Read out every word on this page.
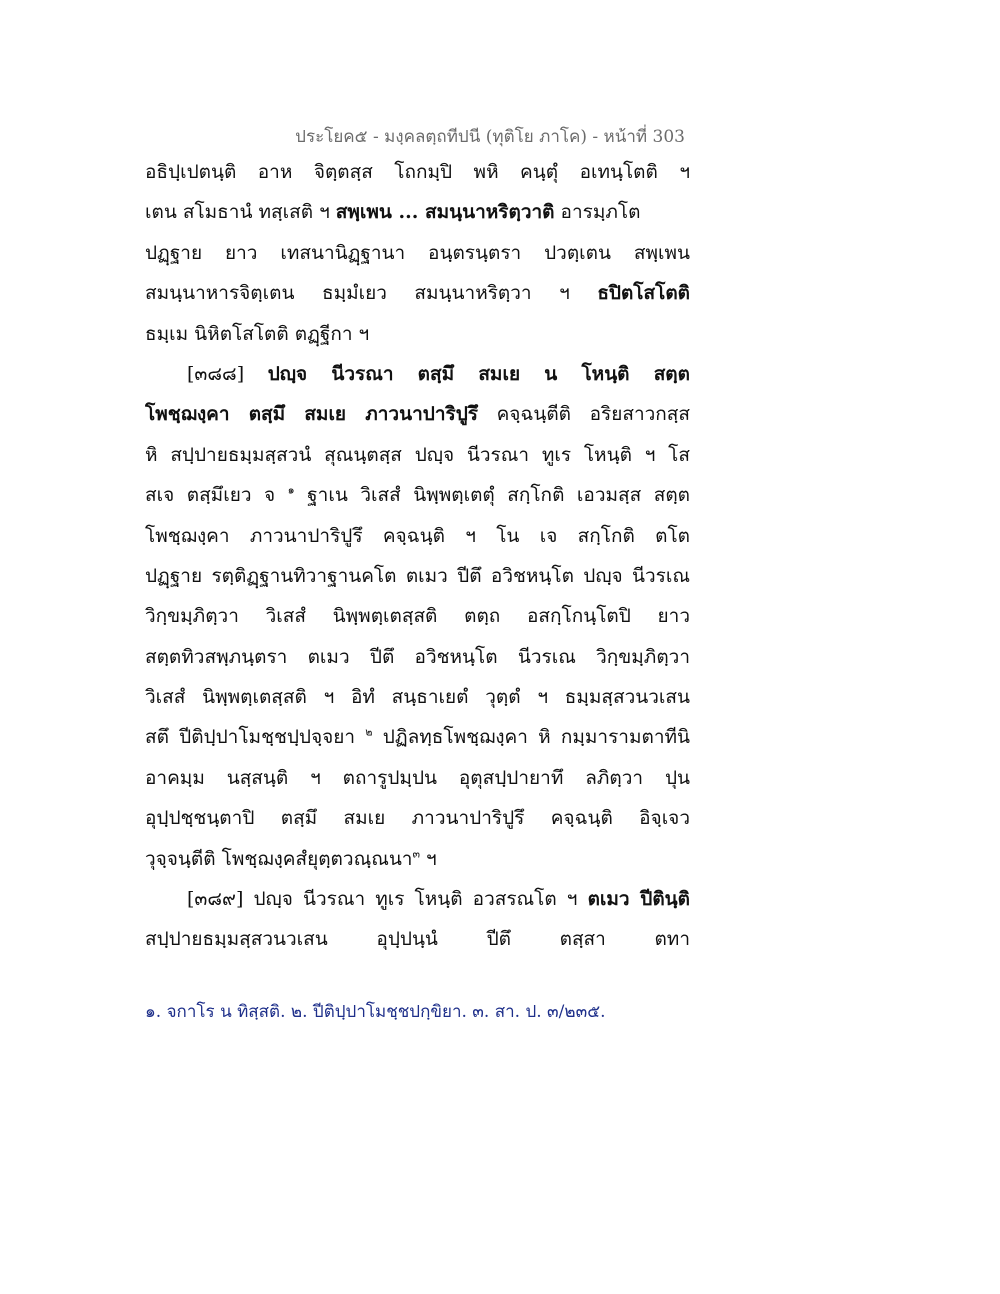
ประโยค๕ - มงฺคลตฺถทีปนี (ทุติโย ภาโค) - หน้าที่ 303
อธิปฺเปตนฺติ อาห จิตฺตสฺส โถกมฺปิ พหิ คนฺตุํ อเทนฺโตติ ฯ
เตน สโมธานํ ทสฺเสติ ฯ สพฺเพน ... สมนฺนาหริตฺวาติ อารมฺภโต
ปฏฺฐาย ยาว เทสนานิฏฺฐานา อนฺตรนฺตรา ปวตฺเตน สพฺเพน
สมนฺนาหารจิตฺเตน ธมฺมํเยว สมนฺนาหริตฺวา ฯ ธปิตโสโตติ
ธมฺเม นิหิตโสโตติ ตฏฺฐีกา ฯ
[๓๘๘] ปญฺจ นีวรณา ตสฺมึ สมเย น โหนฺติ สตฺต
โพชฺฌงฺคา ตสฺมึ สมเย ภาวนาปาริปูรึ คจฺฉนฺตีติ อริยสาวกสฺส
หิ สปฺปายธมฺมสฺสวนํ สุณนฺตสฺส ปญฺจ นีวรณา ทูเร โหนฺติ ฯ โส
สเจ ตสฺมึเยว จ $^๑$ ฐาเน วิเสสํ นิพฺพตฺเตตุํ สกฺโกติ เอวมสฺส สตฺต
โพชฺฌงฺคา ภาวนาปาริปูรึ คจฺฉนฺติ ฯ โน เจ สกฺโกติ ตโต
ปฏฺฐาย รตฺติฏฺฐานทิวาฐานคโต ตเมว ปีตึ อวิชหนฺโต ปญฺจ นีวรเณ
วิกฺขมฺภิตฺวา วิเสสํ นิพฺพตฺเตสฺสติ ตตฺถ อสกฺโกนฺโตปิ ยาว
สตฺตทิวสพฺภนฺตรา ตเมว ปีตึ อวิชหนฺโต นีวรเณ วิกฺขมฺภิตฺวา
วิเสสํ นิพฺพตฺเตสฺสติ ฯ อิทํ สนฺธาเยตํ วุตฺตํ ฯ ธมฺมสฺสวนวเสน
สตึ ปีติปฺปาโมชฺชปฺปจฺจยา $^๒$ ปฏิลทฺธโพชฺฌงฺคา หิ กมฺมารามตาทีนิ
อาคมฺม นสฺสนฺติ ฯ ตถารูปมฺปน อุตุสปฺปายาทึ ลภิตฺวา ปุน
อุปฺปชฺชนฺตาปิ ตสฺมึ สมเย ภาวนาปาริปูรึ คจฺฉนฺติ อิจฺเจว
วุจฺจนฺตีติ โพชฺฌงฺคสํยุตฺตวณฺณนา$^๓$ ฯ
[๓๘๙] ปญฺจ นีวรณา ทูเร โหนฺติ อวสรณโต ฯ ตเมว ปีตินฺติ
สปฺปายธมฺมสฺสวนวเสน อุปฺปนฺนํ ปีตึ ตสฺสา ตทา
๑. จกาโร น ทิสฺสติ. ๒. ปีติปฺปาโมชฺชปกฺขิยา. ๓. สา. ป. ๓/๒๓๕.
